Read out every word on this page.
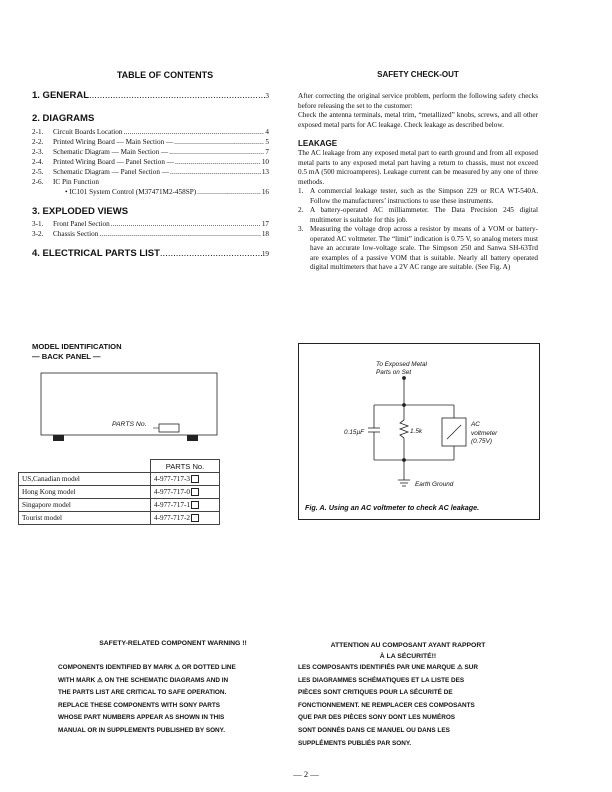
TABLE OF CONTENTS
1. GENERAL .....	3
2. DIAGRAMS
2-1.	Circuit Boards Location .....	4
2-2.	Printed Wiring Board — Main Section — .....	5
2-3.	Schematic Diagram — Main Section — .....	7
2-4.	Printed Wiring Board — Panel Section — .....	10
2-5.	Schematic Diagram — Panel Section — .....	13
2-6.	IC Pin Function
• IC101 System Control (M37471M2-458SP) .....	16
3. EXPLODED VIEWS
3-1.	Front Panel Section .....	17
3-2.	Chassis Section .....	18
4. ELECTRICAL PARTS LIST .....	19
MODEL IDENTIFICATION
— BACK PANEL —
PARTS No.
	PARTS No.
US,Canadian model	4-977-717-3
Hong Kong model	4-977-717-0
Singapore model	4-977-717-1
Tourist model	4-977-717-2
SAFETY CHECK-OUT
After correcting the original service problem, perform the following safety checks before releasing the set to the customer:
Check the antenna terminals, metal trim, “metallized” knobs, screws, and all other exposed metal parts for AC leakage. Check leakage as described below.
LEAKAGE
The AC leakage from any exposed metal part to earth ground and from all exposed metal parts to any exposed metal part having a return to chassis, must not exceed 0.5 mA (500 microamperes). Leakage current can be measured by any one of three methods.
1. A commercial leakage tester, such as the Simpson 229 or RCA WT-540A. Follow the manufacturers’ instructions to use these instruments.
2. A battery-operated AC milliammeter. The Data Precision 245 digital multimeter is suitable for this job.
3. Measuring the voltage drop across a resistor by means of a VOM or battery-operated AC voltmeter. The “limit” indication is 0.75 V, so analog meters must have an accurate low-voltage scale. The Simpson 250 and Sanwa SH-63Trd are examples of a passive VOM that is suitable. Nearly all battery operated digital multimeters that have a 2V AC range are suitable. (See Fig. A)
To Exposed Metal
Parts on Set
0.15µF	1.5k
AC
voltmeter
(0.75V)
Earth Ground
Fig. A. Using an AC voltmeter to check AC leakage.
SAFETY-RELATED COMPONENT WARNING !!
COMPONENTS IDENTIFIED BY MARK ⚠ OR DOTTED LINE
WITH MARK ⚠ ON THE SCHEMATIC DIAGRAMS AND IN
THE PARTS LIST ARE CRITICAL TO SAFE OPERATION.
REPLACE THESE COMPONENTS WITH SONY PARTS
WHOSE PART NUMBERS APPEAR AS SHOWN IN THIS
MANUAL OR IN SUPPLEMENTS PUBLISHED BY SONY.
ATTENTION AU COMPOSANT AYANT RAPPORT
À LA SÉCURITÉ!!
LES COMPOSANTS IDENTIFIÉS PAR UNE MARQUE ⚠ SUR
LES DIAGRAMMES SCHÉMATIQUES ET LA LISTE DES
PIÈCES SONT CRITIQUES POUR LA SÉCURITÉ DE
FONCTIONNEMENT. NE REMPLACER CES COMPOSANTS
QUE PAR DES PIÈCES SONY DONT LES NUMÉROS
SONT DONNÉS DANS CE MANUEL OU DANS LES
SUPPLÉMENTS PUBLIÉS PAR SONY.
— 2 —
